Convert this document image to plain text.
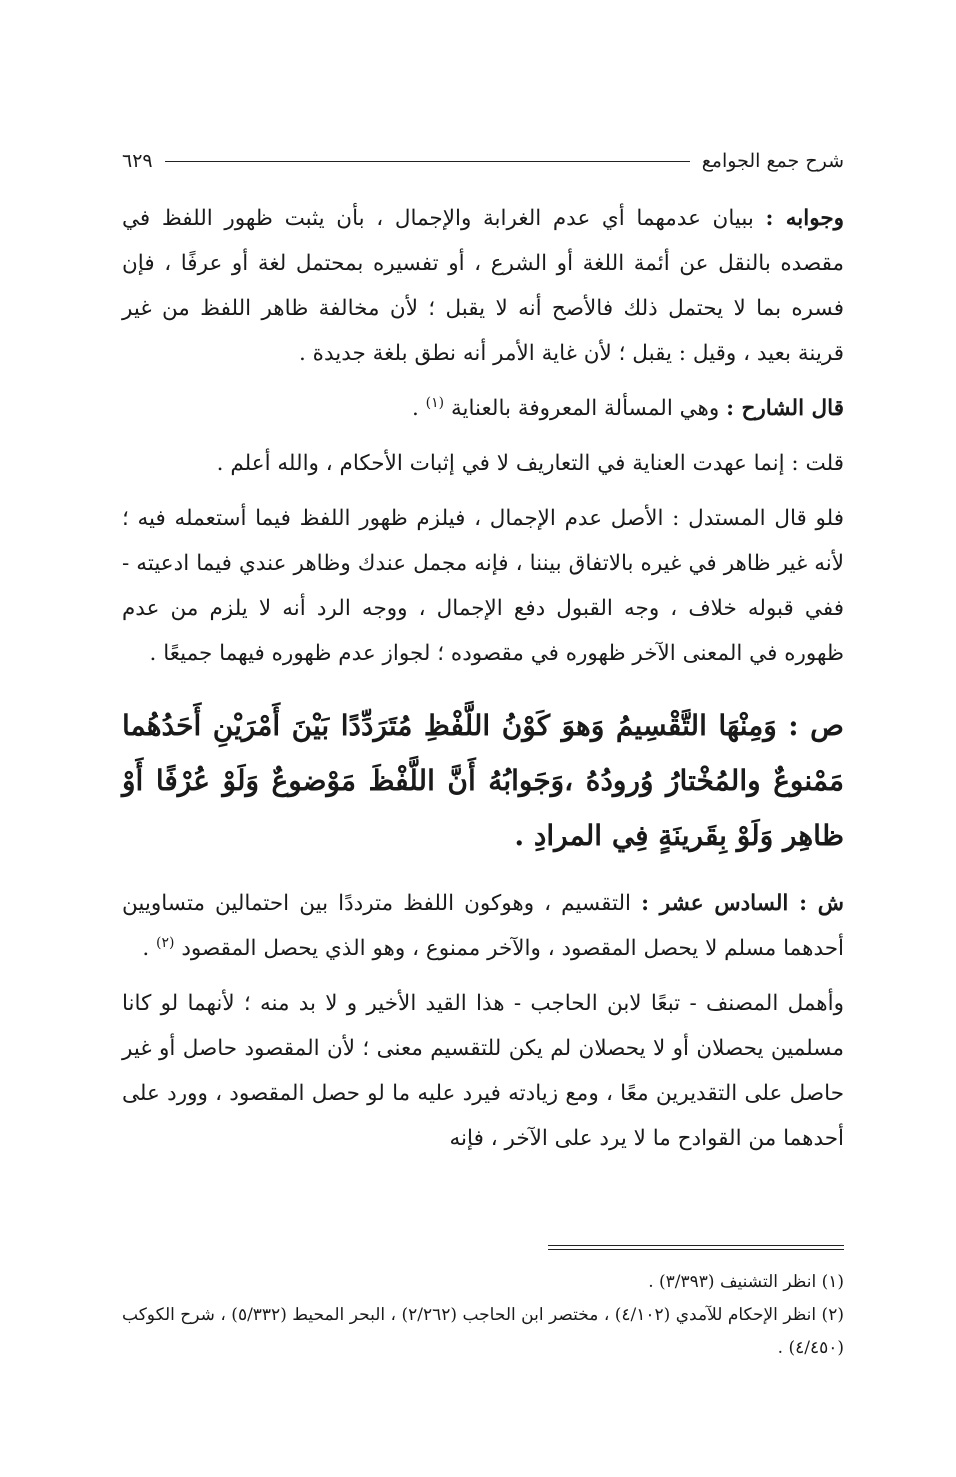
شرح جمع الجوامع
٦٢٩

وجوابه : ببيان عدمهما أي عدم الغرابة والإجمال ، بأن يثبت ظهور اللفظ في مقصده بالنقل عن أئمة اللغة أو الشرع ، أو تفسيره بمحتمل لغة أو عرفًا ، فإن فسره بما لا يحتمل ذلك فالأصح أنه لا يقبل ؛ لأن مخالفة ظاهر اللفظ من غير قرينة بعيد ، وقيل : يقبل ؛ لأن غاية الأمر أنه نطق بلغة جديدة .

قال الشارح : وهي المسألة المعروفة بالعناية $^{(١)}$ .

قلت : إنما عهدت العناية في التعاريف لا في إثبات الأحكام ، والله أعلم .

فلو قال المستدل : الأصل عدم الإجمال ، فيلزم ظهور اللفظ فيما أستعمله فيه ؛ لأنه غير ظاهر في غيره بالاتفاق بيننا ، فإنه مجمل عندك وظاهر عندي فيما ادعيته - ففي قبوله خلاف ، وجه القبول دفع الإجمال ، ووجه الرد أنه لا يلزم من عدم ظهوره في المعنى الآخر ظهوره في مقصوده ؛ لجواز عدم ظهوره فيهما جميعًا .

ص : وَمِنْهَا التَّقْسِيمُ وَهوَ كَوْنُ اللَّفْظِ مُتَرَدِّدًا بَيْنَ أَمْرَيْنِ أَحَدُهُما مَمْنوعٌ والمُخْتارُ وُرودُهُ ،وَجَوابُهُ أَنَّ اللَّفْظَ مَوْضوعٌ وَلَوْ عُرْفًا أَوْ ظاهِر وَلَوْ بِقَرينَةٍ فِي المرادِ .

ش : السادس عشر : التقسيم ، وهوكون اللفظ مترددًا بين احتمالين متساويين أحدهما مسلم لا يحصل المقصود ، والآخر ممنوع ، وهو الذي يحصل المقصود $^{(٢)}$ .

وأهمل المصنف - تبعًا لابن الحاجب - هذا القيد الأخير و لا بد منه ؛ لأنهما لو كانا مسلمين يحصلان أو لا يحصلان لم يكن للتقسيم معنى ؛ لأن المقصود حاصل أو غير حاصل على التقديرين معًا ، ومع زيادته فيرد عليه ما لو حصل المقصود ، وورد على أحدهما من القوادح ما لا يرد على الآخر ، فإنه

(١) انظر التشنيف (٣/٣٩٣) .

(٢) انظر الإحكام للآمدي (٤/١٠٢) ، مختصر ابن الحاجب (٢/٢٦٢) ، البحر المحيط (٥/٣٣٢) ، شرح الكوكب (٤/٤٥٠) .
